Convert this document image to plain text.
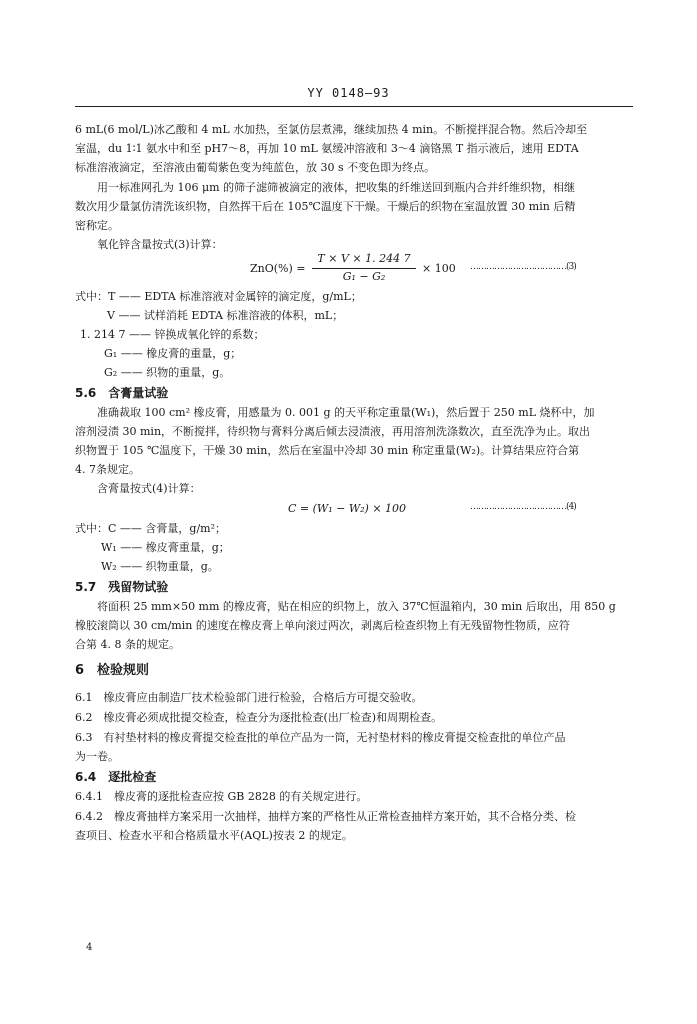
YY 0148—93
6 mL(6 mol/L)冰乙酸和 4 mL 水加热，至氯仿层煮沸，继续加热 4 min。不断搅拌混合物。然后冷却至
室温，du 1∶1 氨水中和至 pH7～8，再加 10 mL 氨缓冲溶液和 3～4 滴铬黑 T 指示液后，速用 EDTA
标准溶液滴定，至溶液由葡萄紫色变为纯蓝色，放 30 s 不变色即为终点。
用一标准网孔为 106 μm 的筛子滤筛被滴定的液体，把收集的纤维送回到瓶内合并纤维织物，相继
数次用少量氯仿清洗该织物，自然挥干后在 105℃温度下干燥。干燥后的织物在室温放置 30 min 后精
密称定。
氧化锌含量按式(3)计算：
ZnO(%) =
T × V × 1. 244 7
G₁ − G₂
× 100 ………………………………(3)
式中：T —— EDTA 标准溶液对金属锌的滴定度，g/mL；
V —— 试样消耗 EDTA 标准溶液的体积，mL；
1. 214 7 —— 锌换成氧化锌的系数；
G₁ —— 橡皮膏的重量，g；
G₂ —— 织物的重量，g。
5.6　含膏量试验
准确裁取 100 cm² 橡皮膏，用感量为 0. 001 g 的天平称定重量(W₁)，然后置于 250 mL 烧杯中，加
溶剂浸渍 30 min，不断搅拌，待织物与膏料分离后倾去浸渍液，再用溶剂洗涤数次，直至洗净为止。取出
织物置于 105 ℃温度下，干燥 30 min，然后在室温中冷却 30 min 称定重量(W₂)。计算结果应符合第
4. 7条规定。
含膏量按式(4)计算：
C = (W₁ − W₂) × 100	………………………………(4)
式中：C —— 含膏量，g/m²；
W₁ —— 橡皮膏重量，g；
W₂ —— 织物重量，g。
5.7　残留物试验
将面积 25 mm×50 mm 的橡皮膏，贴在相应的织物上，放入 37℃恒温箱内，30 min 后取出，用 850 g
橡胶滚筒以 30 cm/min 的速度在橡皮膏上单向滚过两次，剥离后检查织物上有无残留物性物质，应符
合第 4. 8 条的规定。
6　检验规则
6.1　橡皮膏应由制造厂技术检验部门进行检验，合格后方可提交验收。
6.2　橡皮膏必须成批提交检查，检查分为逐批检查(出厂检查)和周期检查。
6.3　有衬垫材料的橡皮膏提交检查批的单位产品为一筒，无衬垫材料的橡皮膏提交检查批的单位产品
为一卷。
6.4　逐批检查
6.4.1　橡皮膏的逐批检查应按 GB 2828 的有关规定进行。
6.4.2　橡皮膏抽样方案采用一次抽样，抽样方案的严格性从正常检查抽样方案开始，其不合格分类、检
查项目、检查水平和合格质量水平(AQL)按表 2 的规定。
4
